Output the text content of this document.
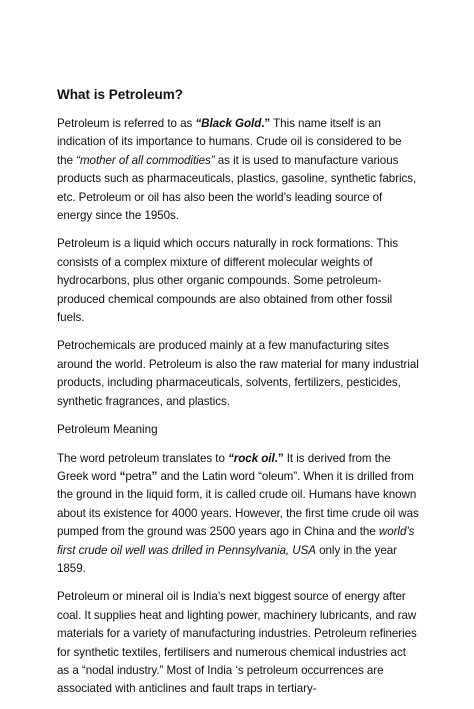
What is Petroleum?

Petroleum is referred to as “Black Gold.” This name itself is an indication of its importance to humans. Crude oil is considered to be the “mother of all commodities” as it is used to manufacture various products such as pharmaceuticals, plastics, gasoline, synthetic fabrics, etc. Petroleum or oil has also been the world’s leading source of energy since the 1950s.

Petroleum is a liquid which occurs naturally in rock formations. This consists of a complex mixture of different molecular weights of hydrocarbons, plus other organic compounds. Some petroleum-produced chemical compounds are also obtained from other fossil fuels.

Petrochemicals are produced mainly at a few manufacturing sites around the world. Petroleum is also the raw material for many industrial products, including pharmaceuticals, solvents, fertilizers, pesticides, synthetic fragrances, and plastics.

Petroleum Meaning

The word petroleum translates to “rock oil.” It is derived from the Greek word “petra” and the Latin word “oleum”. When it is drilled from the ground in the liquid form, it is called crude oil. Humans have known about its existence for 4000 years. However, the first time crude oil was pumped from the ground was 2500 years ago in China and the world’s first crude oil well was drilled in Pennsylvania, USA only in the year 1859.

Petroleum or mineral oil is India’s next biggest source of energy after coal. It supplies heat and lighting power, machinery lubricants, and raw materials for a variety of manufacturing industries. Petroleum refineries for synthetic textiles, fertilisers and numerous chemical industries act as a “nodal industry.” Most of India ‘s petroleum occurrences are associated with anticlines and fault traps in tertiary-
